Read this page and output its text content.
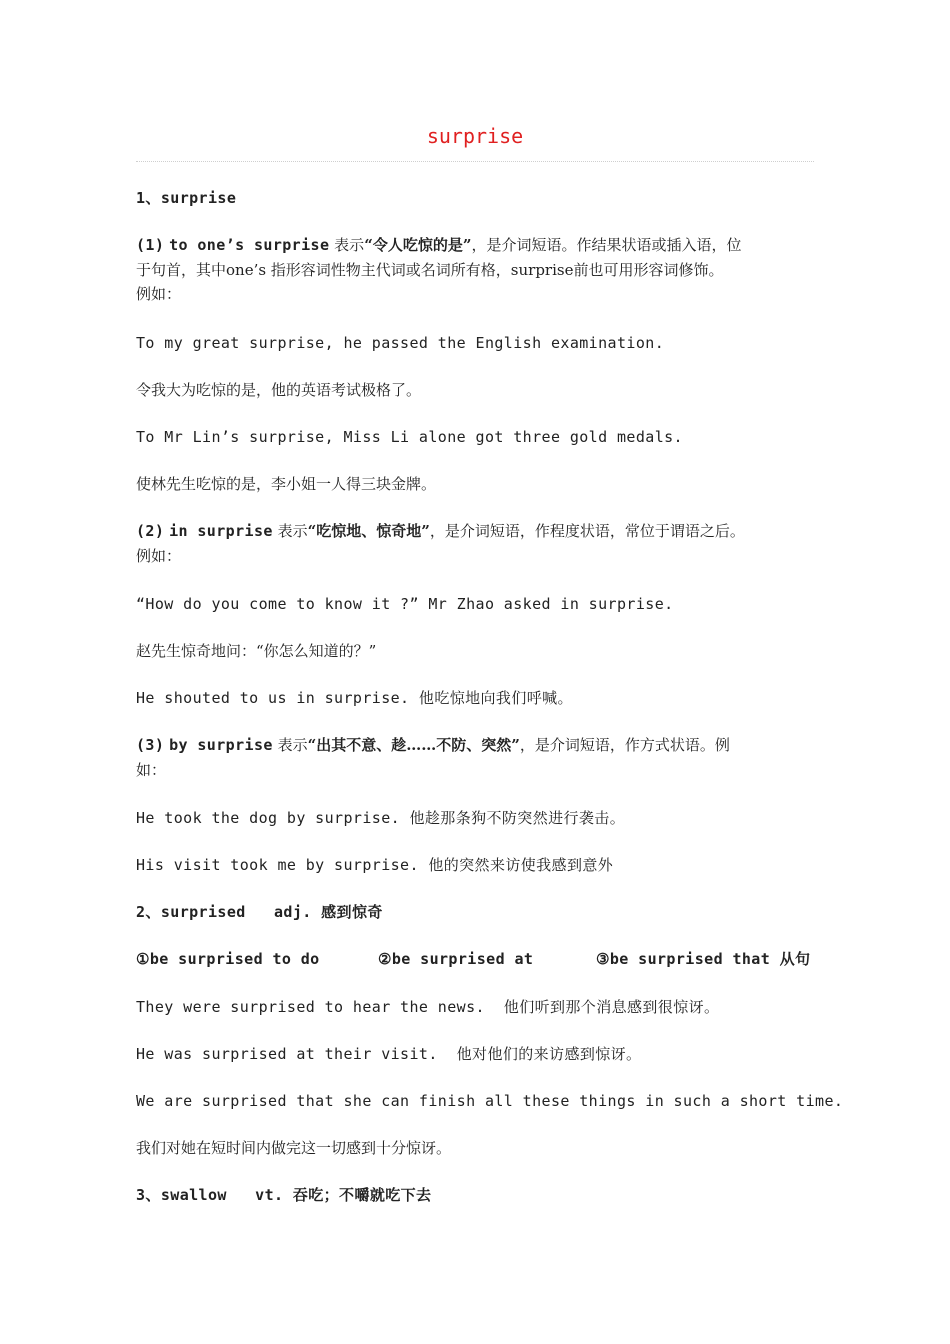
surprise
1、surprise
(1) to one’s surprise 表示“令人吃惊的是”，是介词短语。作结果状语或插入语，位
于句首，其中one’s 指形容词性物主代词或名词所有格，surprise前也可用形容词修饰。
例如：
To my great surprise, he passed the English examination.
令我大为吃惊的是，他的英语考试极格了。
To Mr Lin’s surprise, Miss Li alone got three gold medals.
使林先生吃惊的是，李小姐一人得三块金牌。
(2) in surprise 表示“吃惊地、惊奇地”，是介词短语，作程度状语，常位于谓语之后。
例如：
“How do you come to know it ?” Mr Zhao asked in surprise.
赵先生惊奇地问：“你怎么知道的？”
He shouted to us in surprise. 他吃惊地向我们呼喊。
(3) by surprise 表示“出其不意、趁……不防、突然”，是介词短语，作方式状语。例
如：
He took the dog by surprise. 他趁那条狗不防突然进行袭击。
His visit took me by surprise. 他的突然来访使我感到意外
2、surprised   adj. 感到惊奇
①be surprised to do	②be surprised at	③be surprised that 从句
They were surprised to hear the news.  他们听到那个消息感到很惊讶。
He was surprised at their visit.  他对他们的来访感到惊讶。
We are surprised that she can finish all these things in such a short time.
我们对她在短时间内做完这一切感到十分惊讶。
3、swallow   vt. 吞吃；不嚼就吃下去
